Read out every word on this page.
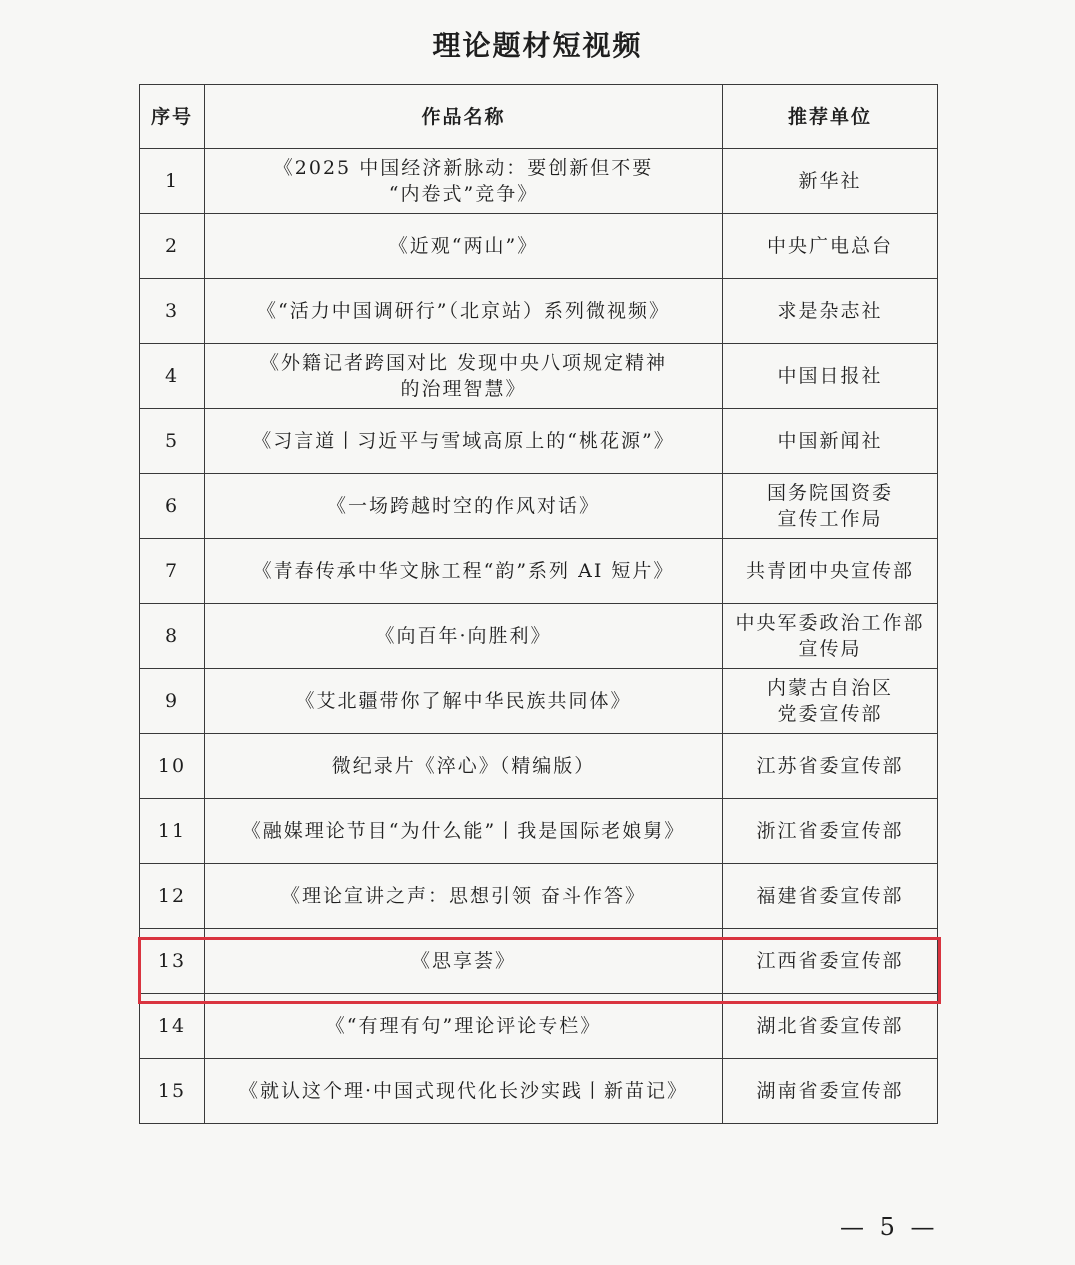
理论题材短视频
序号	作品名称	推荐单位
1	《2025 中国经济新脉动：要创新但不要
“内卷式”竞争》	新华社

2	《近观“两山”》	中央广电总台

3	《“活力中国调研行”（北京站）系列微视频》	求是杂志社

4	《外籍记者跨国对比 发现中央八项规定精神
的治理智慧》	中国日报社

5	《习言道丨习近平与雪域高原上的“桃花源”》	中国新闻社

6	《一场跨越时空的作风对话》	国务院国资委
宣传工作局

7	《青春传承中华文脉工程“韵”系列 AI 短片》	共青团中央宣传部

8	《向百年·向胜利》	中央军委政治工作部
宣传局

9	《艾北疆带你了解中华民族共同体》	内蒙古自治区
党委宣传部

10	微纪录片《淬心》（精编版）	江苏省委宣传部

11	《融媒理论节目“为什么能”丨我是国际老娘舅》	浙江省委宣传部

12	《理论宣讲之声：思想引领 奋斗作答》	福建省委宣传部

13	《思享荟》	江西省委宣传部

14	《“有理有句”理论评论专栏》	湖北省委宣传部

15	《就认这个理·中国式现代化长沙实践丨新苗记》	湖南省委宣传部
— 5 —
